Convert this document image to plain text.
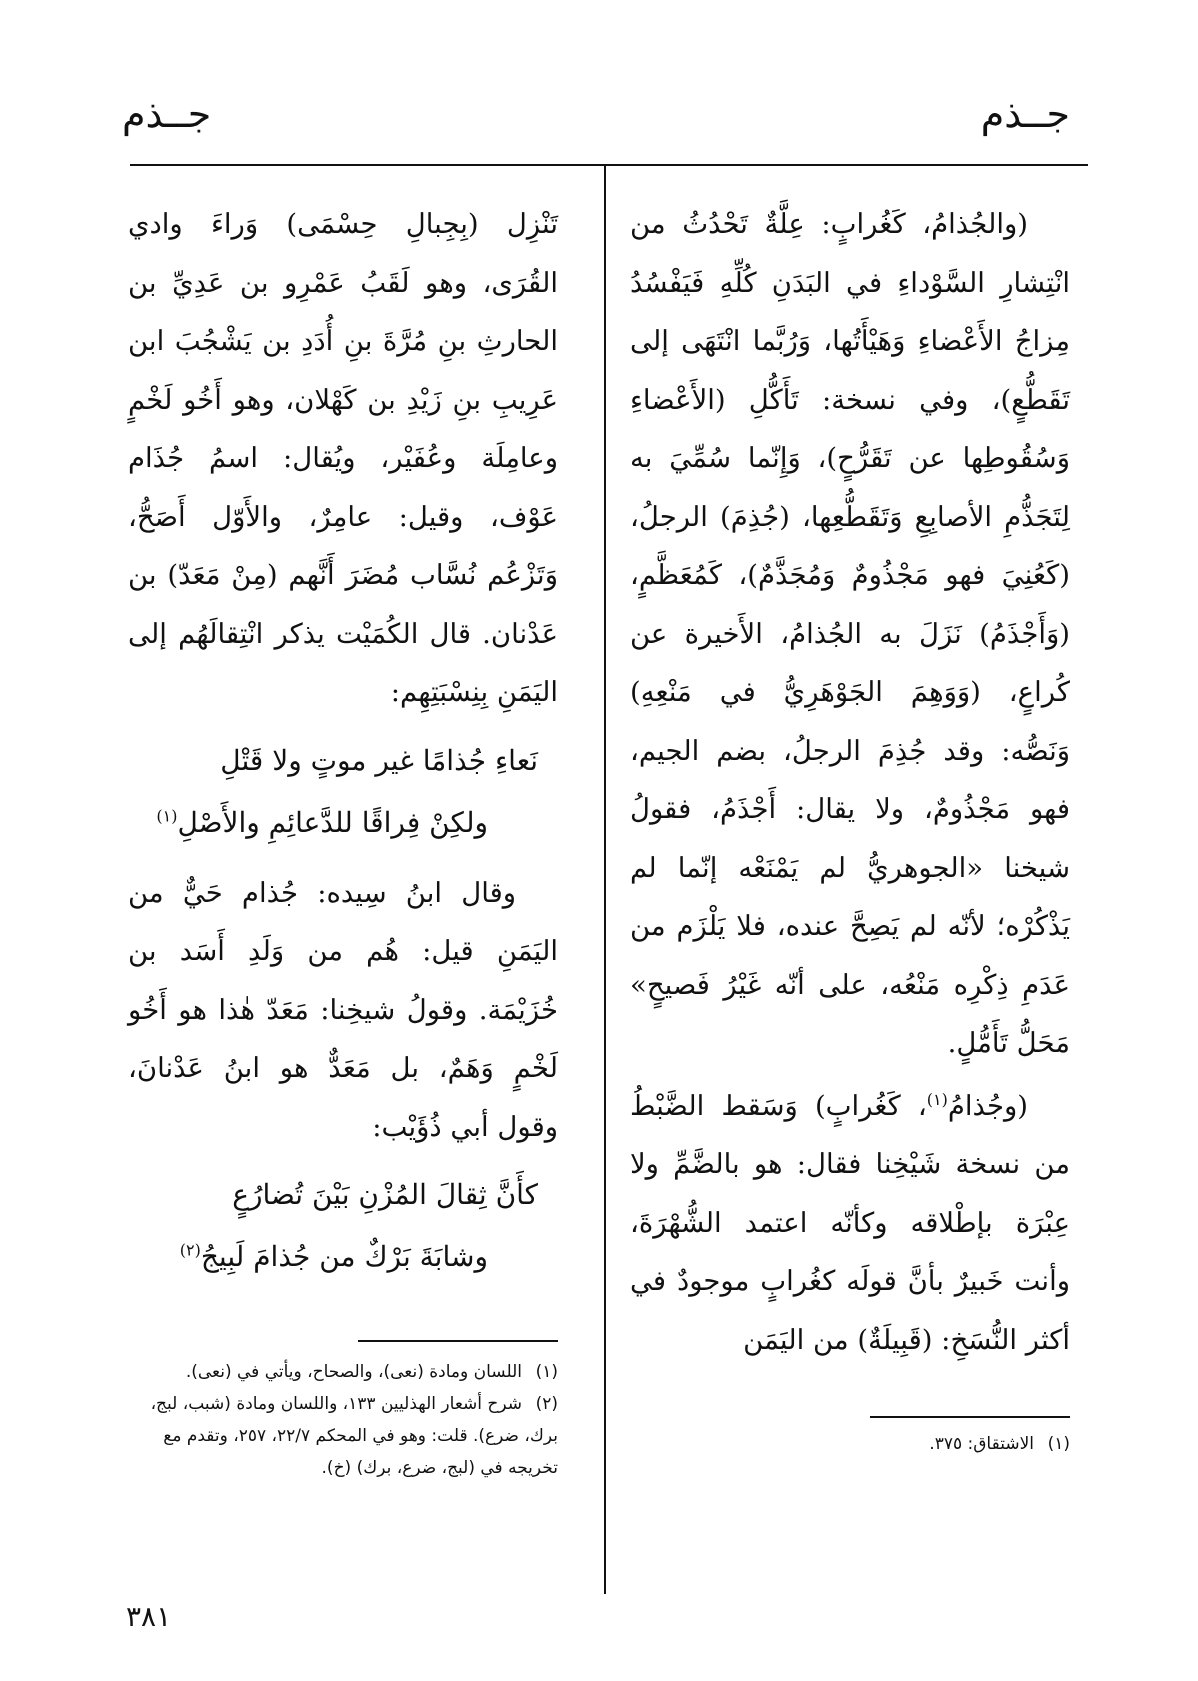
جــذم
جــذم

(والجُذامُ، كَغُرابٍ: عِلَّةٌ تَحْدُثُ من انْتِشارِ السَّوْداءِ في البَدَنِ كُلِّهِ فَيَفْسُدُ مِزاجُ الأَعْضاءِ وَهَيْأَتُها، وَرُبَّما انْتَهَى إلى تَقَطُّعٍ)، وفي نسخة: تَأَكُّلِ (الأَعْضاءِ وَسُقُوطِها عن تَقَرُّحٍ)، وَإِنّما سُمِّيَ به لِتَجَذُّمِ الأصابِعِ وَتَقَطُّعِها، (جُذِمَ) الرجلُ، (كَعُنِيَ فهو مَجْذُومٌ وَمُجَذَّمٌ)، كَمُعَظَّمٍ، (وَأَجْذَمُ) نَزَلَ به الجُذامُ، الأَخيرة عن كُراعٍ، (وَوَهِمَ الجَوْهَرِيُّ في مَنْعِهِ) وَنَصُّه: وقد جُذِمَ الرجلُ، بضم الجيم، فهو مَجْذُومٌ، ولا يقال: أَجْذَمُ، فقولُ شيخنا «الجوهريُّ لم يَمْنَعْه إنّما لم يَذْكُرْه؛ لأنّه لم يَصِحَّ عنده، فلا يَلْزَم من عَدَمِ ذِكْرِه مَنْعُه، على أنّه غَيْرُ فَصيحٍ» مَحَلُّ تَأَمُّلٍ.

(وجُذامُ$^{(١)}$، كَغُرابٍ) وَسَقط الضَّبْطُ من نسخة شَيْخِنا فقال: هو بالضَّمِّ ولا عِبْرَة بإطْلاقه وكأنّه اعتمد الشُّهْرَةَ، وأنت خَبيرٌ بأنَّ قولَه كغُرابٍ موجودٌ في أكثر النُّسَخِ: (قَبِيلَةٌ) من اليَمَن

تَنْزِل (بِجِبالِ حِسْمَى) وَراءَ وادي القُرَى، وهو لَقَبُ عَمْرِو بن عَدِيِّ بن الحارثِ بنِ مُرَّةَ بنِ أُدَدِ بن يَشْجُبَ ابن عَرِيبِ بنِ زَيْدِ بن كَهْلان، وهو أَخُو لَخْمٍ وعامِلَة وعُفَيْر، ويُقال: اسمُ جُذَام عَوْف، وقيل: عامِرٌ، والأَوّل أَصَحُّ، وَتَزْعُم نُسَّاب مُضَرَ أَنَّهم (مِنْ مَعَدّ) بن عَدْنان. قال الكُمَيْت يذكر انْتِقالَهُم إلى اليَمَنِ بِنِسْبَتِهِم:

نَعاءِ جُذامًا غير موتٍ ولا قَتْلِ
ولكِنْ فِراقًا للدَّعائِمِ والأَصْلِ$^{(١)}$

وقال ابنُ سِيده: جُذام حَيٌّ من اليَمَنِ قيل: هُم من وَلَدِ أَسَد بن خُزَيْمَة. وقولُ شيخِنا: مَعَدّ هٰذا هو أَخُو لَخْمٍ وَهَمٌ، بل مَعَدٌّ هو ابنُ عَدْنانَ، وقول أبي ذُؤَيْب:

كأَنَّ ثِقالَ المُزْنِ بَيْنَ تُضارُعٍ
وشابَةَ بَرْكٌ من جُذامَ لَبِيجُ$^{(٢)}$

(١)الاشتقاق: ٣٧٥.

(١)اللسان ومادة (نعى)، والصحاح، ويأتي في (نعى).

(٢)شرح أشعار الهذليين ١٣٣، واللسان ومادة (شبب، لبج، برك، ضرع). قلت: وهو في المحكم ٢٢/٧، ٢٥٧، وتقدم مع تخريجه في (لبج، ضرع، برك) (خ).

٣٨١
